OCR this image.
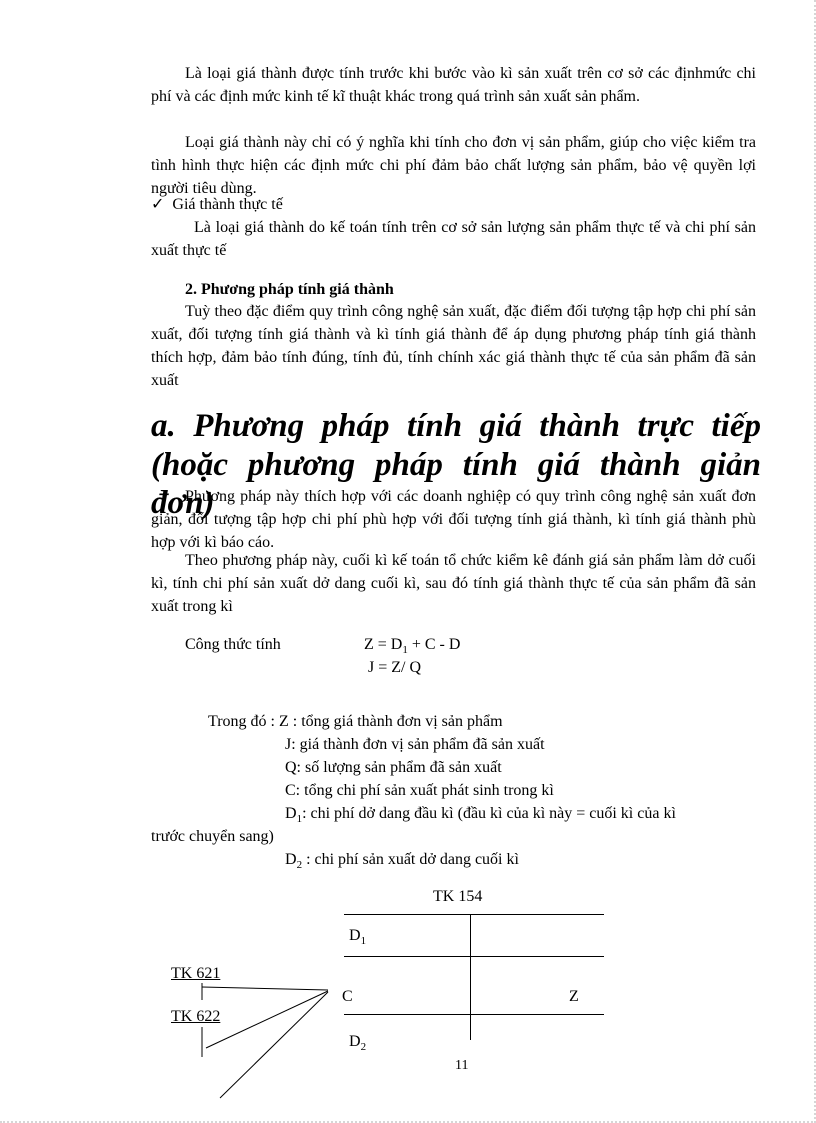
Là loại giá thành được tính trước khi bước vào kì sản xuất trên cơ sở các địnhmức chi phí và các định mức kinh tế kĩ thuật khác trong quá trình sản xuất sản phẩm.
Loại giá thành này chỉ có ý nghĩa khi tính cho đơn vị sản phẩm, giúp cho việc kiểm tra tình hình thực hiện các định mức chi phí đảm bảo chất lượng sản phẩm, bảo vệ quyền lợi người tiêu dùng.
✓ Giá thành thực tế
Là loại giá thành do kế toán tính trên cơ sở sản lượng sản phẩm thực tế và chi phí sản xuất thực tế
2. Phương pháp tính giá thành
Tuỳ theo đặc điểm quy trình công nghệ sản xuất, đặc điểm đối tượng tập hợp chi phí sản xuất, đối tượng tính giá thành và kì tính giá thành để áp dụng phương pháp tính giá thành thích hợp, đảm bảo tính đúng, tính đủ, tính chính xác giá thành thực tế của sản phẩm đã sản xuất
a. Phương pháp tính giá thành trực tiếp
(hoặc phương pháp tính giá thành giản đơn)
Phương pháp này thích hợp với các doanh nghiệp có quy trình công nghệ sản xuất đơn giản, đối tượng tập hợp chi phí phù hợp với đối tượng tính giá thành, kì tính giá thành phù hợp với kì báo cáo.
Theo phương pháp này, cuối kì kế toán tổ chức kiểm kê đánh giá sản phẩm làm dở cuối kì, tính chi phí sản xuất dở dang cuối kì, sau đó tính giá thành thực tế của sản phẩm đã sản xuất trong kì
Công thức tính	$Z = D_1 + C - D$
J = Z/ Q
Trong đó : Z : tổng giá thành đơn vị sản phẩm
J: giá thành đơn vị sản phẩm đã sản xuất
Q: số lượng sản phẩm đã sản xuất
C: tổng chi phí sản xuất phát sinh trong kì
$D_1$: chi phí dở dang đầu kì (đầu kì của kì này = cuối kì của kì
trước chuyển sang)
$D_2$ : chi phí sản xuất dở dang cuối kì
TK 154
$D_1$
C	Z
$D_2$
TK 621
TK 622
11
